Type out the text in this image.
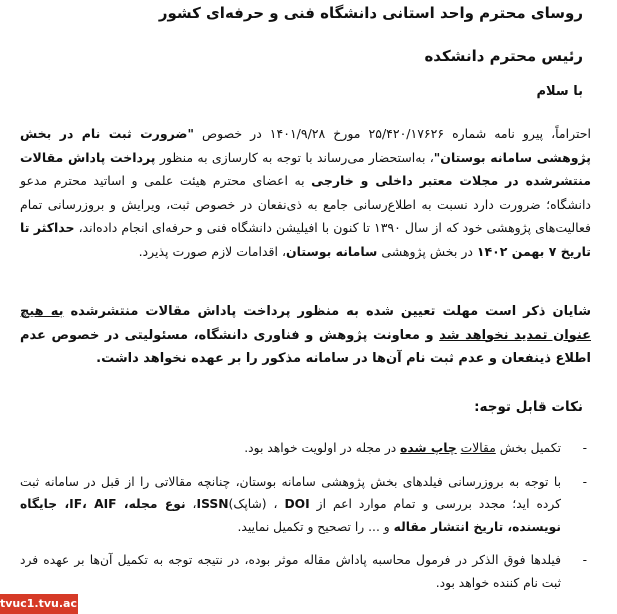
روسای محترم واحد استانی دانشگاه فنی و حرفه‌ای کشور
رئیس محترم دانشکده
با سلام
احتراماً، پیرو نامه شماره ۲۵/۴۲۰/۱۷۶۲۶ مورخ ۱۴۰۱/۹/۲۸ در خصوص "ضرورت ثبت نام در بخش پژوهشی سامانه بوستان"، به‌استحضار می‌رساند با توجه به کارسازی به منظور پرداخت پاداش مقالات منتشرشده در مجلات معتبر داخلی و خارجی به اعضای محترم هیئت علمی و اساتید محترم مدعو دانشگاه؛ ضرورت دارد نسبت به اطلاع‌رسانی جامع به ذی‌نفعان در خصوص ثبت، ویرایش و بروزرسانی تمام فعالیت‌های پژوهشی خود که از سال ۱۳۹۰ تا کنون با افیلیشن دانشگاه فنی و حرفه‌ای انجام داده‌اند، حداکثر تا تاریخ ۷ بهمن ۱۴۰۲ در بخش پژوهشی سامانه بوستان، اقدامات لازم صورت پذیرد.
شایان ذکر است مهلت تعیین شده به منظور پرداخت پاداش مقالات منتشرشده به هیچ عنوان تمدید نخواهد شد و معاونت پژوهش و فناوری دانشگاه، مسئولیتی در خصوص عدم اطلاع ذینفعان و عدم ثبت نام آن‌ها در سامانه مذکور را بر عهده نخواهد داشت.
نکات قابل توجه:
- تکمیل بخش مقالات چاپ شده در مجله در اولویت خواهد بود.
- با توجه به بروزرسانی فیلدهای بخش پژوهشی سامانه بوستان، چنانچه مقالاتی را از قبل در سامانه ثبت کرده اید؛ مجدد بررسی و تمام موارد اعم از DOI ، (شاپک)ISSN، نوع مجله، IF، AIF، جایگاه نویسنده، تاریخ انتشار مقاله و ... را تصحیح و تکمیل نمایید.
- فیلدها فوق الذکر در فرمول محاسبه پاداش مقاله موثر بوده، در نتیجه توجه به تکمیل آن‌ها بر عهده فرد ثبت نام کننده خواهد بود.
tvuc1.tvu.ac.ir
